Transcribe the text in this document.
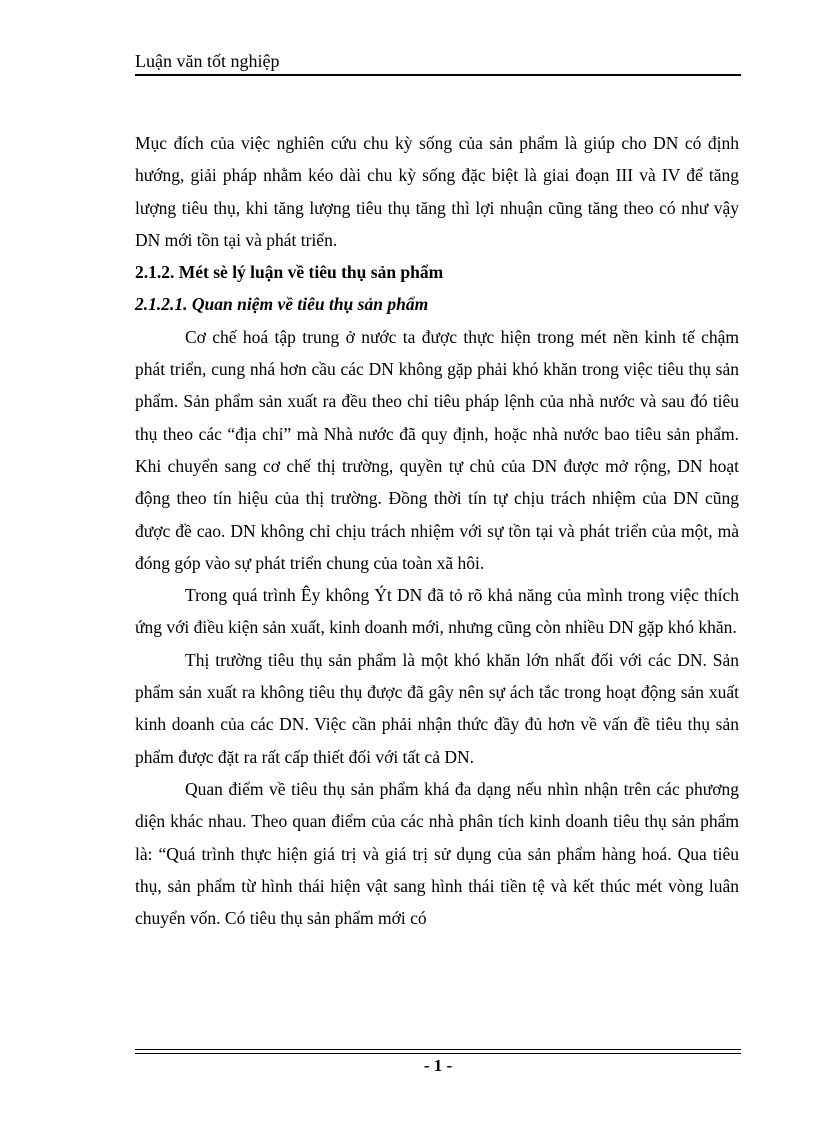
Luận văn tốt nghiệp

Mục đích của việc nghiên cứu chu kỳ sống của sản phẩm là giúp cho DN có định hướng, giải pháp nhằm kéo dài chu kỳ sống đặc biệt là giai đoạn III và IV để tăng lượng tiêu thụ, khi tăng lượng tiêu thụ tăng thì lợi nhuận cũng tăng theo có như vậy DN mới tồn tại và phát triển.

2.1.2. Mét sè lý luận về tiêu thụ sản phẩm

2.1.2.1. Quan niệm về tiêu thụ sản phẩm

Cơ chế hoá tập trung ở nước ta được thực hiện trong mét nền kinh tế chậm phát triển, cung nhá hơn cầu các DN không gặp phải khó khăn trong việc tiêu thụ sản phẩm. Sản phẩm sản xuất ra đều theo chỉ tiêu pháp lệnh của nhà nước và sau đó tiêu thụ theo các “địa chỉ” mà Nhà nước đã quy định, hoặc nhà nước bao tiêu sản phẩm. Khi chuyển sang cơ chế thị trường, quyền tự chủ của DN được mở rộng, DN hoạt động theo tín hiệu của thị trường. Đồng thời tín tự chịu trách nhiệm của DN cũng được đề cao. DN không chỉ chịu trách nhiệm với sự tồn tại và phát triển của một, mà đóng góp vào sự phát triển chung của toàn xã hôi.

Trong quá trình Êy không Ýt DN đã tỏ rõ khả năng của mình trong việc thích ứng với điều kiện sản xuất, kinh doanh mới, nhưng cũng còn nhiều DN gặp khó khăn.

Thị trường tiêu thụ sản phẩm là một khó khăn lớn nhất đối với các DN. Sản phẩm sản xuất ra không tiêu thụ được đã gây nên sự ách tắc trong hoạt động sản xuất kinh doanh của các DN. Việc cần phải nhận thức đầy đủ hơn về vấn đề tiêu thụ sản phẩm được đặt ra rất cấp thiết đối với tất cả DN.

Quan điểm về tiêu thụ sản phẩm khá đa dạng nếu nhìn nhận trên các phương diện khác nhau. Theo quan điểm của các nhà phân tích kinh doanh tiêu thụ sản phẩm là: “Quá trình thực hiện giá trị và giá trị sử dụng của sản phẩm hàng hoá. Qua tiêu thụ, sản phẩm từ hình thái hiện vật sang hình thái tiền tệ và kết thúc mét vòng luân chuyển vốn. Có tiêu thụ sản phẩm mới có

- 1 -
